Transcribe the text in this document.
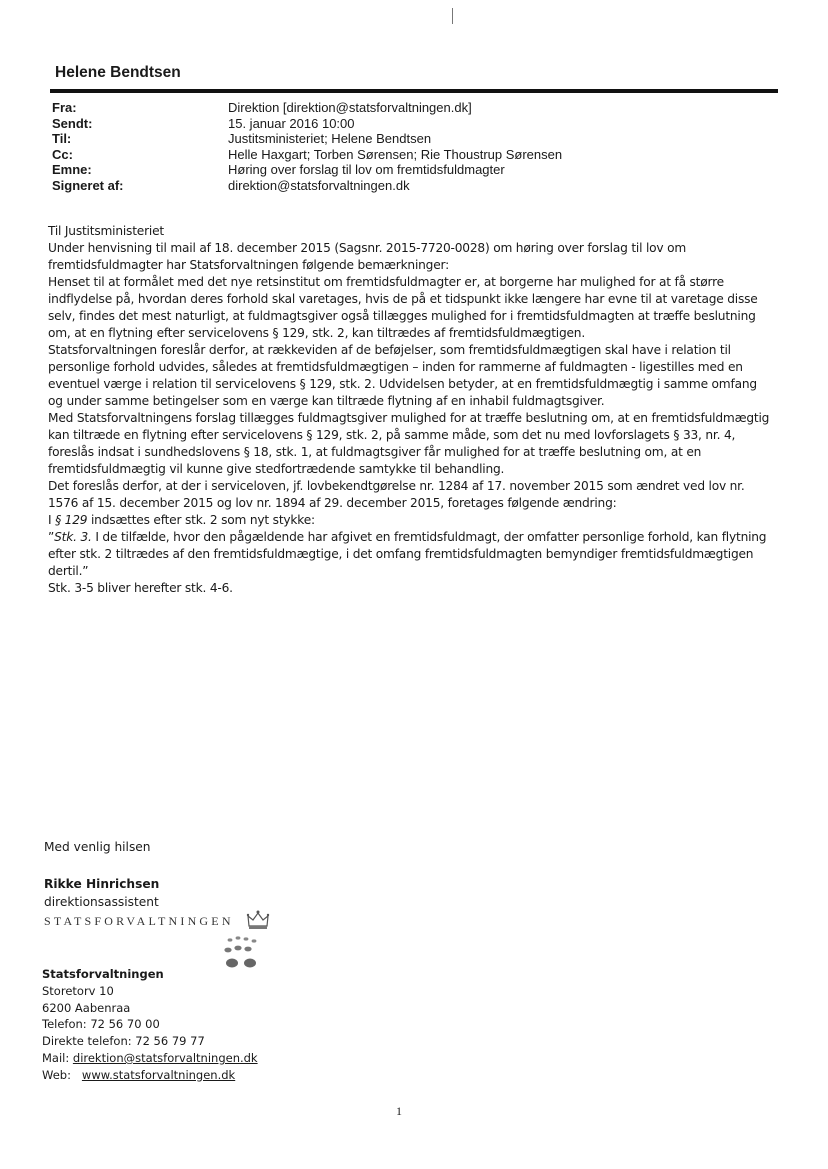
Helene Bendtsen
Fra:	Direktion [direktion@statsforvaltningen.dk]
Sendt:	15. januar 2016 10:00
Til:	Justitsministeriet; Helene Bendtsen
Cc:	Helle Haxgart; Torben Sørensen; Rie Thoustrup Sørensen
Emne:	Høring over forslag til lov om fremtidsfuldmagter
Signeret af:	direktion@statsforvaltningen.dk

Til Justitsministeriet

Under henvisning til mail af 18. december 2015 (Sagsnr. 2015-7720-0028) om høring over forslag til lov om fremtidsfuldmagter har Statsforvaltningen følgende bemærkninger:

Henset til at formålet med det nye retsinstitut om fremtidsfuldmagter er, at borgerne har mulighed for at få større indflydelse på, hvordan deres forhold skal varetages, hvis de på et tidspunkt ikke længere har evne til at varetage disse selv, findes det mest naturligt, at fuldmagtsgiver også tillægges mulighed for i fremtidsfuldmagten at træffe beslutning om, at en flytning efter servicelovens § 129, stk. 2, kan tiltrædes af fremtidsfuldmægtigen.

Statsforvaltningen foreslår derfor, at rækkeviden af de beføjelser, som fremtidsfuldmægtigen skal have i relation til personlige forhold udvides, således at fremtidsfuldmægtigen – inden for rammerne af fuldmagten - ligestilles med en eventuel værge i relation til servicelovens § 129, stk. 2. Udvidelsen betyder, at en fremtidsfuldmægtig i samme omfang og under samme betingelser som en værge kan tiltræde flytning af en inhabil fuldmagtsgiver.

Med Statsforvaltningens forslag tillægges fuldmagtsgiver mulighed for at træffe beslutning om, at en fremtidsfuldmægtig kan tiltræde en flytning efter servicelovens § 129, stk. 2, på samme måde, som det nu med lovforslagets § 33, nr. 4, foreslås indsat i sundhedslovens § 18, stk. 1, at fuldmagtsgiver får mulighed for at træffe beslutning om, at en fremtidsfuldmægtig vil kunne give stedfortrædende samtykke til behandling.

Det foreslås derfor, at der i serviceloven, jf. lovbekendtgørelse nr. 1284 af 17. november 2015 som ændret ved lov nr. 1576 af 15. december 2015 og lov nr. 1894 af 29. december 2015, foretages følgende ændring:

I § 129 indsættes efter stk. 2 som nyt stykke:

”Stk. 3. I de tilfælde, hvor den pågældende har afgivet en fremtidsfuldmagt, der omfatter personlige forhold, kan flytning efter stk. 2 tiltrædes af den fremtidsfuldmægtige, i det omfang fremtidsfuldmagten bemyndiger fremtidsfuldmægtigen dertil.”

Stk. 3-5 bliver herefter stk. 4-6.

Med venlig hilsen
Rikke Hinrichsen
direktionsassistent
STATSFORVALTNINGEN
Statsforvaltningen
Storetorv 10
6200 Aabenraa
Telefon: 72 56 70 00
Direkte telefon: 72 56 79 77
Mail: direktion@statsforvaltningen.dk
Web:   www.statsforvaltningen.dk
1
